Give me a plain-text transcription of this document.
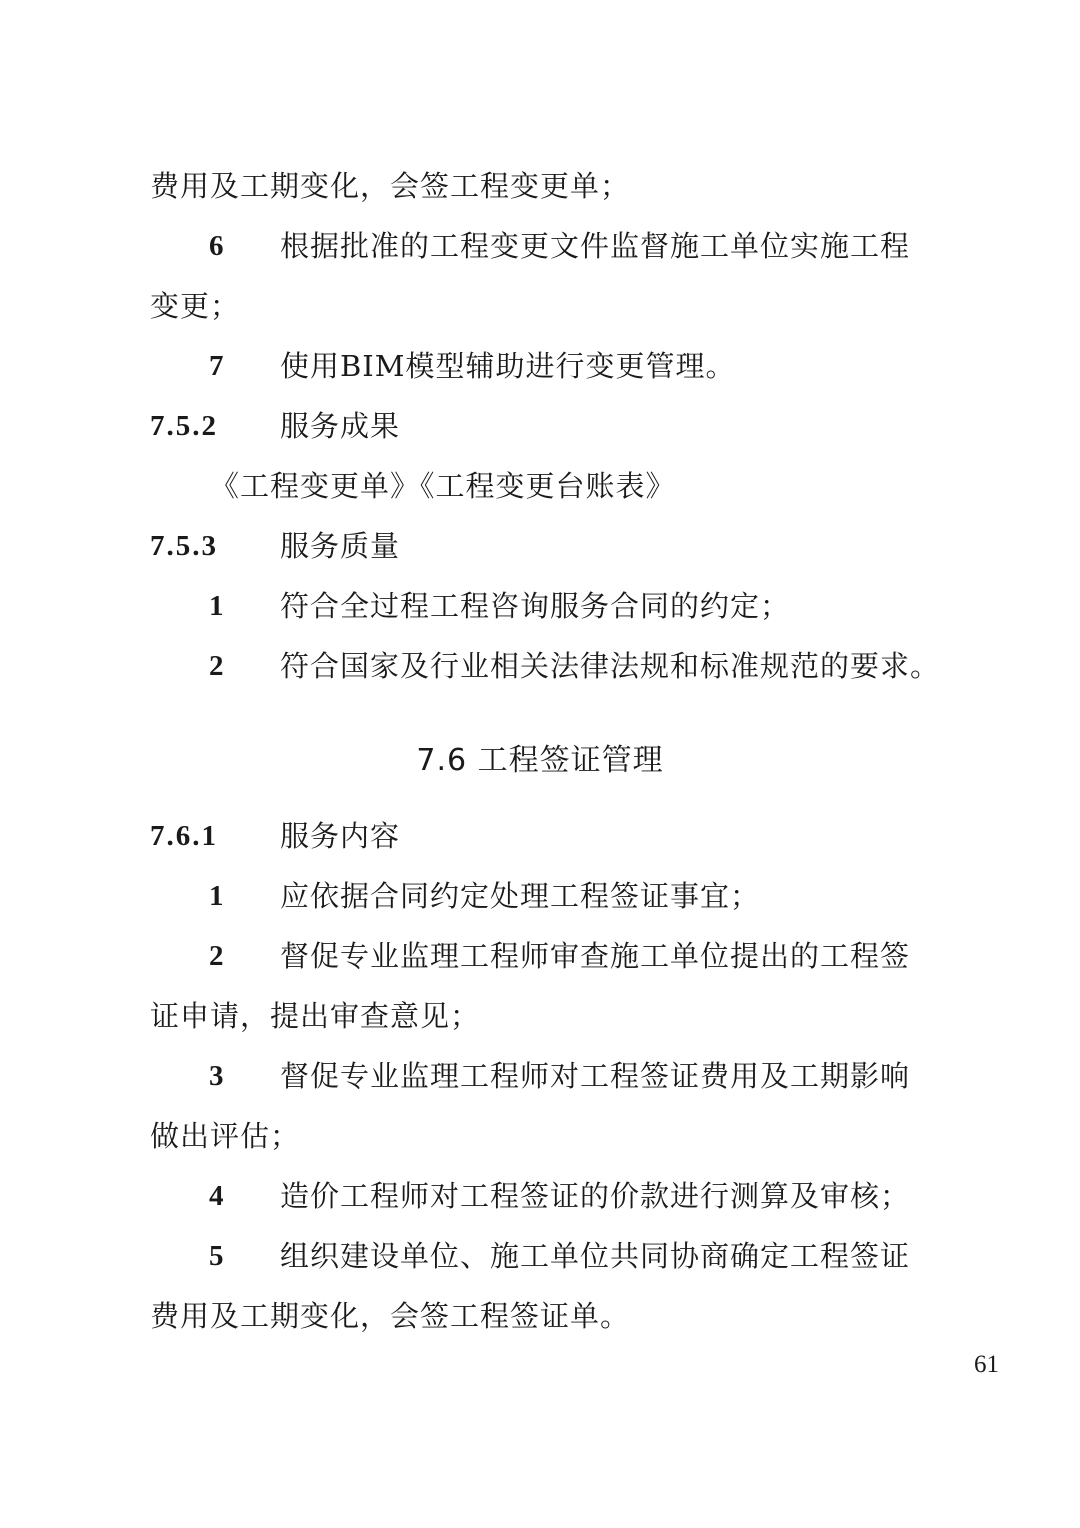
费用及工期变化，会签工程变更单；
6 根据批准的工程变更文件监督施工单位实施工程
变更；
7 使用BIM模型辅助进行变更管理。
7.5.2 服务成果
《工程变更单》《工程变更台账表》
7.5.3 服务质量
1 符合全过程工程咨询服务合同的约定；
2 符合国家及行业相关法律法规和标准规范的要求。
7.6 工程签证管理
7.6.1 服务内容
1 应依据合同约定处理工程签证事宜；
2 督促专业监理工程师审查施工单位提出的工程签
证申请，提出审查意见；
3 督促专业监理工程师对工程签证费用及工期影响
做出评估；
4 造价工程师对工程签证的价款进行测算及审核；
5 组织建设单位、施工单位共同协商确定工程签证
费用及工期变化，会签工程签证单。
61
